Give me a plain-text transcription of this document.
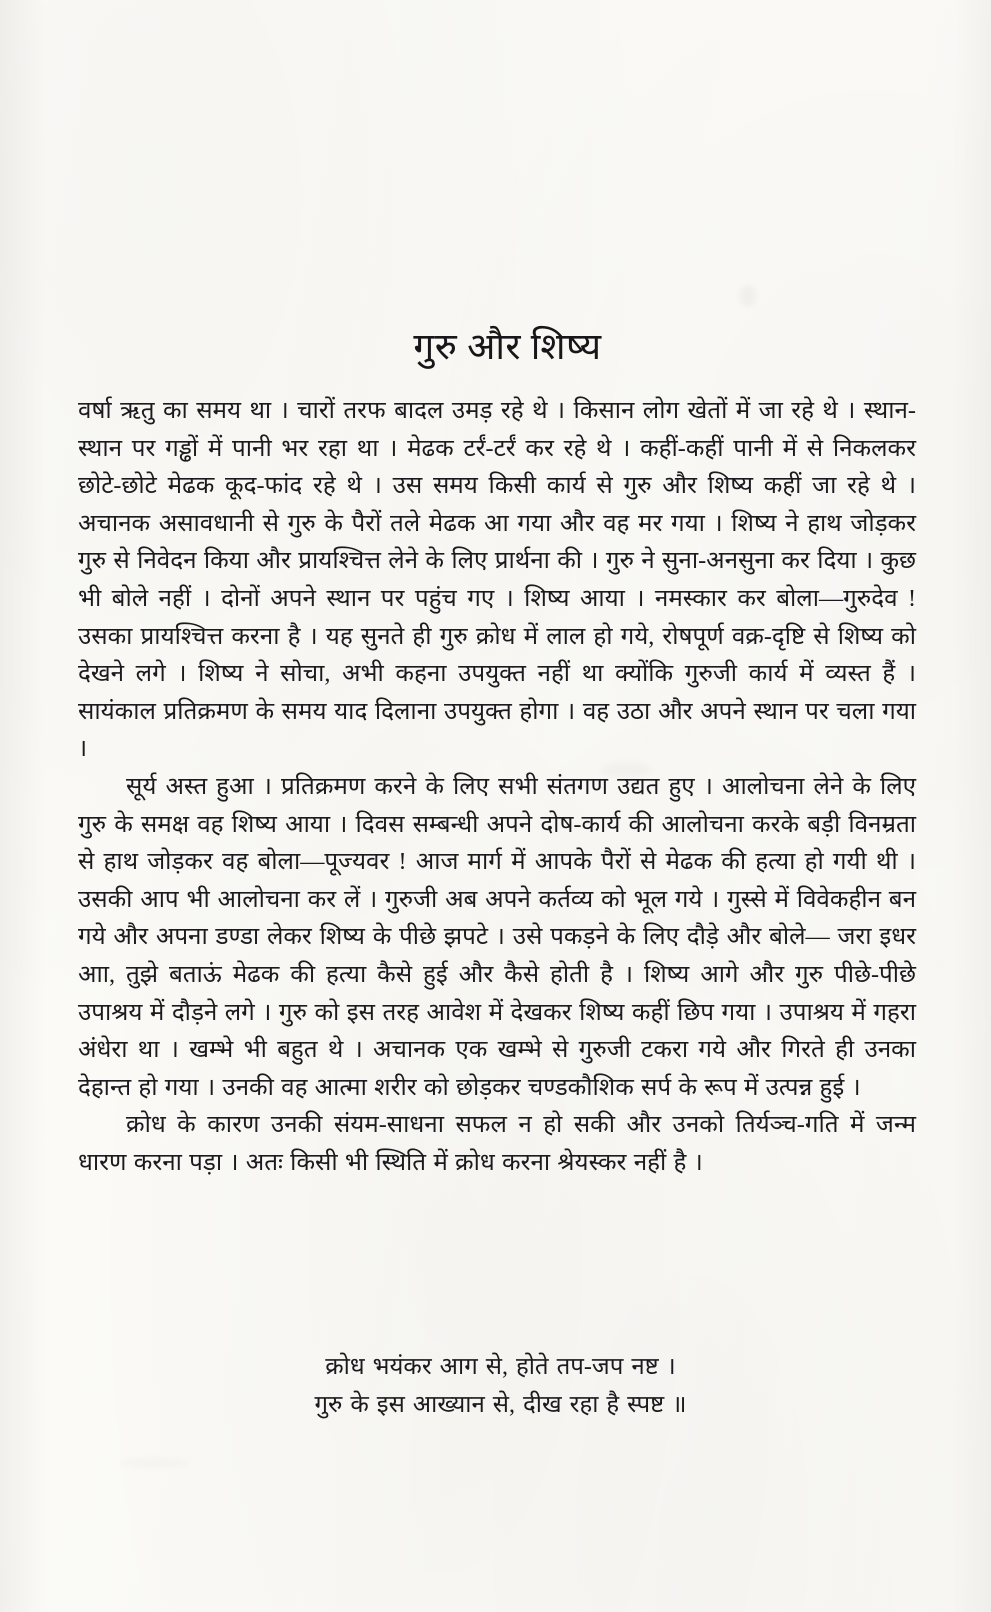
गुरु और शिष्य

वर्षा ऋतु का समय था । चारों तरफ बादल उमड़ रहे थे । किसान लोग खेतों में जा रहे थे । स्थान-स्थान पर गड्ढों में पानी भर रहा था । मेढक टर्रं-टर्रं कर रहे थे । कहीं-कहीं पानी में से निकलकर छोटे-छोटे मेढक कूद-फांद रहे थे । उस समय किसी कार्य से गुरु और शिष्य कहीं जा रहे थे । अचानक असावधानी से गुरु के पैरों तले मेढक आ गया और वह मर गया । शिष्य ने हाथ जोड़कर गुरु से निवेदन किया और प्रायश्चित्त लेने के लिए प्रार्थना की । गुरु ने सुना-अनसुना कर दिया । कुछ भी बोले नहीं । दोनों अपने स्थान पर पहुंच गए । शिष्य आया । नमस्कार कर बोला—गुरुदेव ! उसका प्रायश्चित्त करना है । यह सुनते ही गुरु क्रोध में लाल हो गये, रोषपूर्ण वक्र-दृष्टि से शिष्य को देखने लगे । शिष्य ने सोचा, अभी कहना उपयुक्त नहीं था क्योंकि गुरुजी कार्य में व्यस्त हैं । सायंकाल प्रतिक्रमण के समय याद दिलाना उपयुक्त होगा । वह उठा और अपने स्थान पर चला गया ।

सूर्य अस्त हुआ । प्रतिक्रमण करने के लिए सभी संतगण उद्यत हुए । आलोचना लेने के लिए गुरु के समक्ष वह शिष्य आया । दिवस सम्बन्धी अपने दोष-कार्य की आलोचना करके बड़ी विनम्रता से हाथ जोड़कर वह बोला—पूज्यवर ! आज मार्ग में आपके पैरों से मेढक की हत्या हो गयी थी । उसकी आप भी आलोचना कर लें । गुरुजी अब अपने कर्तव्य को भूल गये । गुस्से में विवेकहीन बन गये और अपना डण्डा लेकर शिष्य के पीछे झपटे । उसे पकड़ने के लिए दौड़े और बोले— जरा इधर आा, तुझे बताऊं मेढक की हत्या कैसे हुई और कैसे होती है । शिष्य आगे और गुरु पीछे-पीछे उपाश्रय में दौड़ने लगे । गुरु को इस तरह आवेश में देखकर शिष्य कहीं छिप गया । उपाश्रय में गहरा अंधेरा था । खम्भे भी बहुत थे । अचानक एक खम्भे से गुरुजी टकरा गये और गिरते ही उनका देहान्त हो गया । उनकी वह आत्मा शरीर को छोड़कर चण्डकौशिक सर्प के रूप में उत्पन्न हुई ।

क्रोध के कारण उनकी संयम-साधना सफल न हो सकी और उनको तिर्यञ्च-गति में जन्म धारण करना पड़ा । अतः किसी भी स्थिति में क्रोध करना श्रेयस्कर नहीं है ।

क्रोध भयंकर आग से, होते तप-जप नष्ट ।
गुरु के इस आख्यान से, दीख रहा है स्पष्ट ॥
